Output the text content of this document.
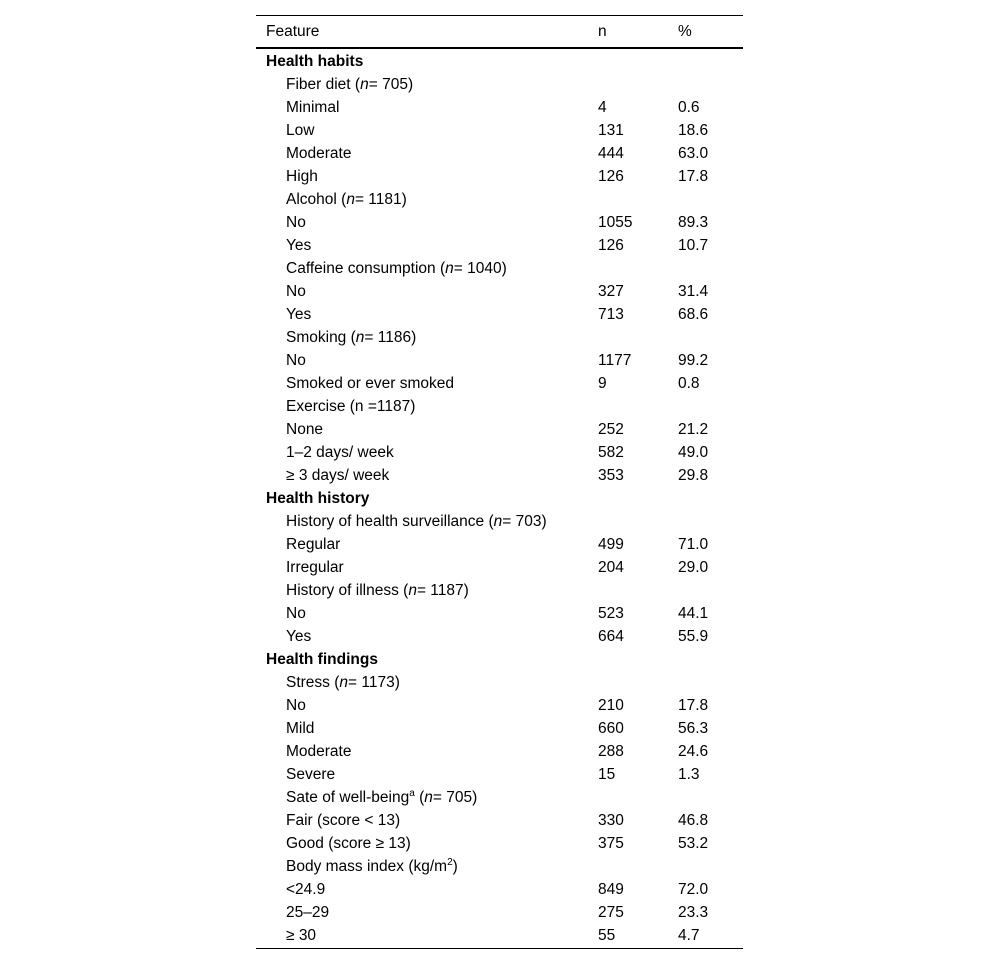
Feature	n	%
Health habits		
Fiber diet (n= 705)		
Minimal	4	0.6
Low	131	18.6
Moderate	444	63.0
High	126	17.8
Alcohol (n= 1181)		
No	1055	89.3
Yes	126	10.7
Caffeine consumption (n= 1040)		
No	327	31.4
Yes	713	68.6
Smoking (n= 1186)		
No	1177	99.2
Smoked or ever smoked	9	0.8
Exercise (n =1187)		
None	252	21.2
1–2 days/ week	582	49.0
≥ 3 days/ week	353	29.8
Health history		
History of health surveillance (n= 703)		
Regular	499	71.0
Irregular	204	29.0
History of illness (n= 1187)		
No	523	44.1
Yes	664	55.9
Health findings		
Stress (n= 1173)		
No	210	17.8
Mild	660	56.3
Moderate	288	24.6
Severe	15	1.3
Sate of well-being$^a$ (n= 705)		
Fair (score < 13)	330	46.8
Good (score ≥ 13)	375	53.2
Body mass index $(kg/m^2)$		
<24.9	849	72.0
25–29	275	23.3
≥ 30	55	4.7
